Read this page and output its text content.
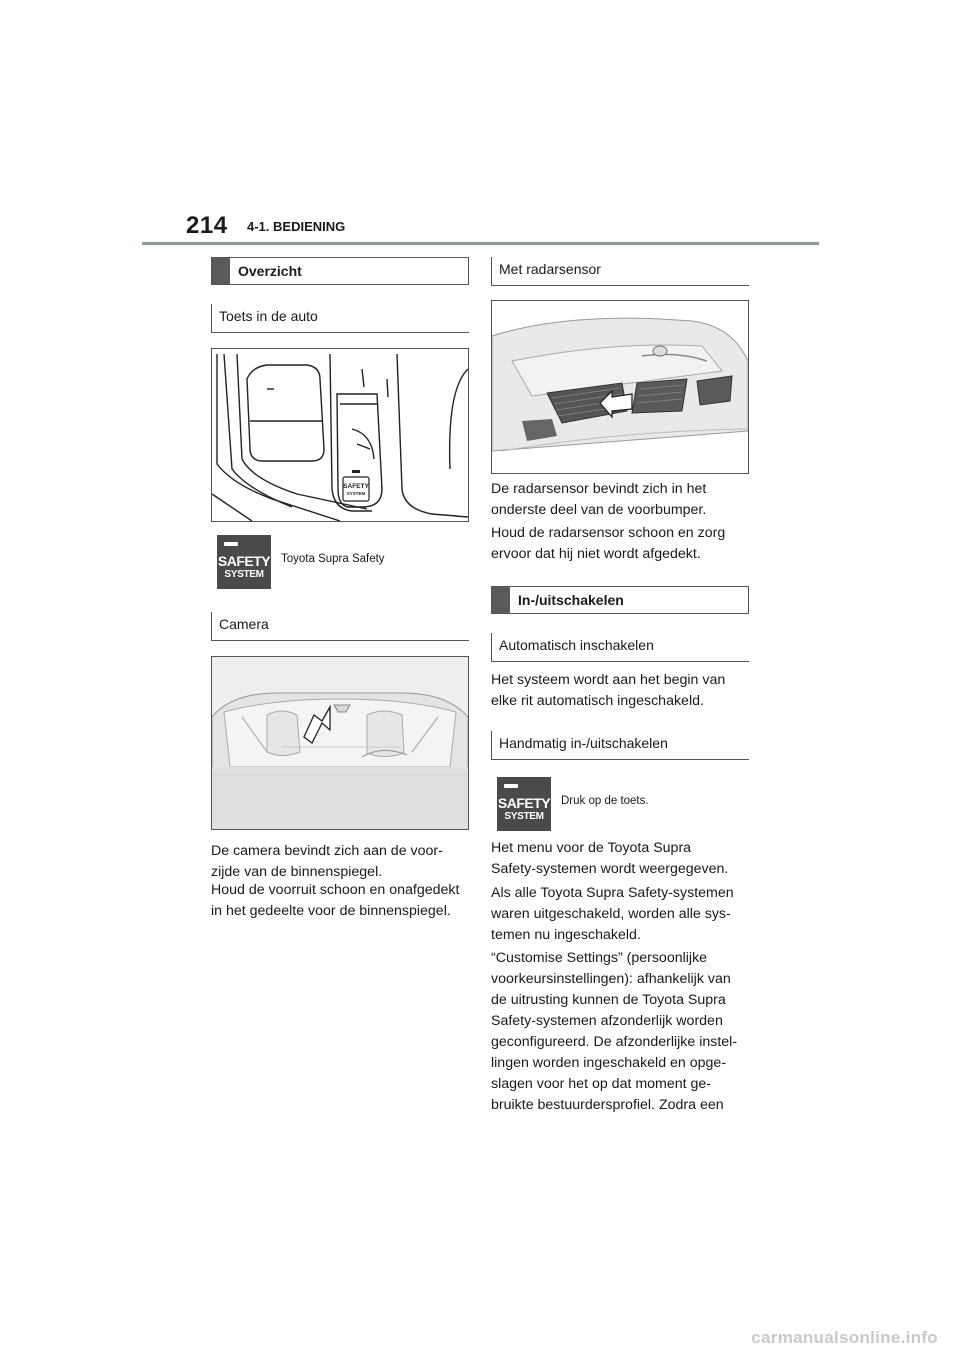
214 4-1. BEDIENING
Overzicht
Toets in de auto
SAFETY
SYSTEM
SAFETY
SYSTEM
Toyota Supra Safety
Camera
De camera bevindt zich aan de voor-
zijde van de binnenspiegel.
Houd de voorruit schoon en onafgedekt
in het gedeelte voor de binnenspiegel.
Met radarsensor
De radarsensor bevindt zich in het
onderste deel van de voorbumper.
Houd de radarsensor schoon en zorg
ervoor dat hij niet wordt afgedekt.
In-/uitschakelen
Automatisch inschakelen
Het systeem wordt aan het begin van
elke rit automatisch ingeschakeld.
Handmatig in-/uitschakelen
SAFETY
SYSTEM
Druk op de toets.
Het menu voor de Toyota Supra
Safety-systemen wordt weergegeven.
Als alle Toyota Supra Safety-systemen
waren uitgeschakeld, worden alle sys-
temen nu ingeschakeld.
“Customise Settings” (persoonlijke
voorkeursinstellingen): afhankelijk van
de uitrusting kunnen de Toyota Supra
Safety-systemen afzonderlijk worden
geconfigureerd. De afzonderlijke instel-
lingen worden ingeschakeld en opge-
slagen voor het op dat moment ge-
bruikte bestuurdersprofiel. Zodra een
carmanualsonline.info
